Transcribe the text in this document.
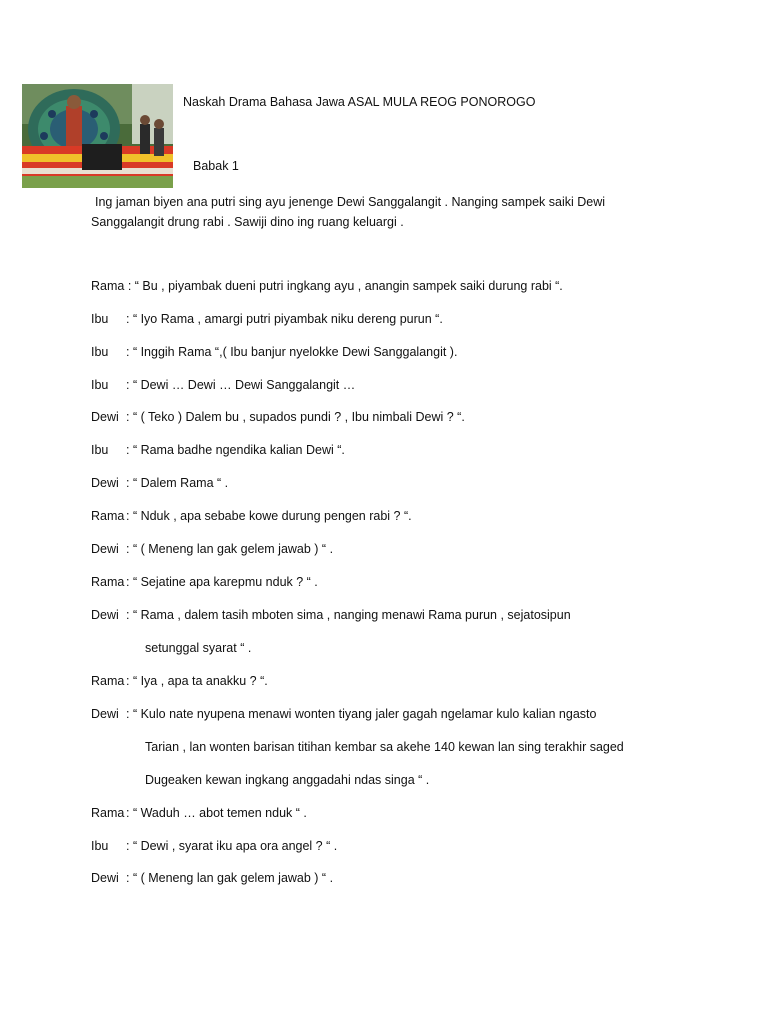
Naskah Drama Bahasa Jawa ASAL MULA REOG PONOROGO
Babak 1
Ing jaman biyen ana putri sing ayu jenenge Dewi Sanggalangit . Nanging sampek saiki Dewi
Sanggalangit drung rabi . Sawiji dino ing ruang keluargi .
Rama : “ Bu , piyambak dueni putri ingkang ayu , anangin sampek saiki durung rabi “.
Ibu : “ Iyo Rama , amargi putri piyambak niku dereng purun “.
Ibu : “ Inggih Rama “,( Ibu banjur nyelokke Dewi Sanggalangit ).
Ibu : “ Dewi … Dewi … Dewi Sanggalangit …
Dewi : “ ( Teko ) Dalem bu , supados pundi ? , Ibu nimbali Dewi ? “.
Ibu : “ Rama badhe ngendika kalian Dewi “.
Dewi : “ Dalem Rama “ .
Rama : “ Nduk , apa sebabe kowe durung pengen rabi ? “.
Dewi : “ ( Meneng lan gak gelem jawab ) “ .
Rama : “ Sejatine apa karepmu nduk ? “ .
Dewi : “ Rama , dalem tasih mboten sima , nanging menawi Rama purun , sejatosipun
setunggal syarat “ .
Rama : “ Iya , apa ta anakku ? “.
Dewi : “ Kulo nate nyupena menawi wonten tiyang jaler gagah ngelamar kulo kalian ngasto
Tarian , lan wonten barisan titihan kembar sa akehe 140 kewan lan sing terakhir saged
Dugeaken kewan ingkang anggadahi ndas singa “ .
Rama : “ Waduh … abot temen nduk “ .
Ibu : “ Dewi , syarat iku apa ora angel ? “ .
Dewi : “ ( Meneng lan gak gelem jawab ) “ .
